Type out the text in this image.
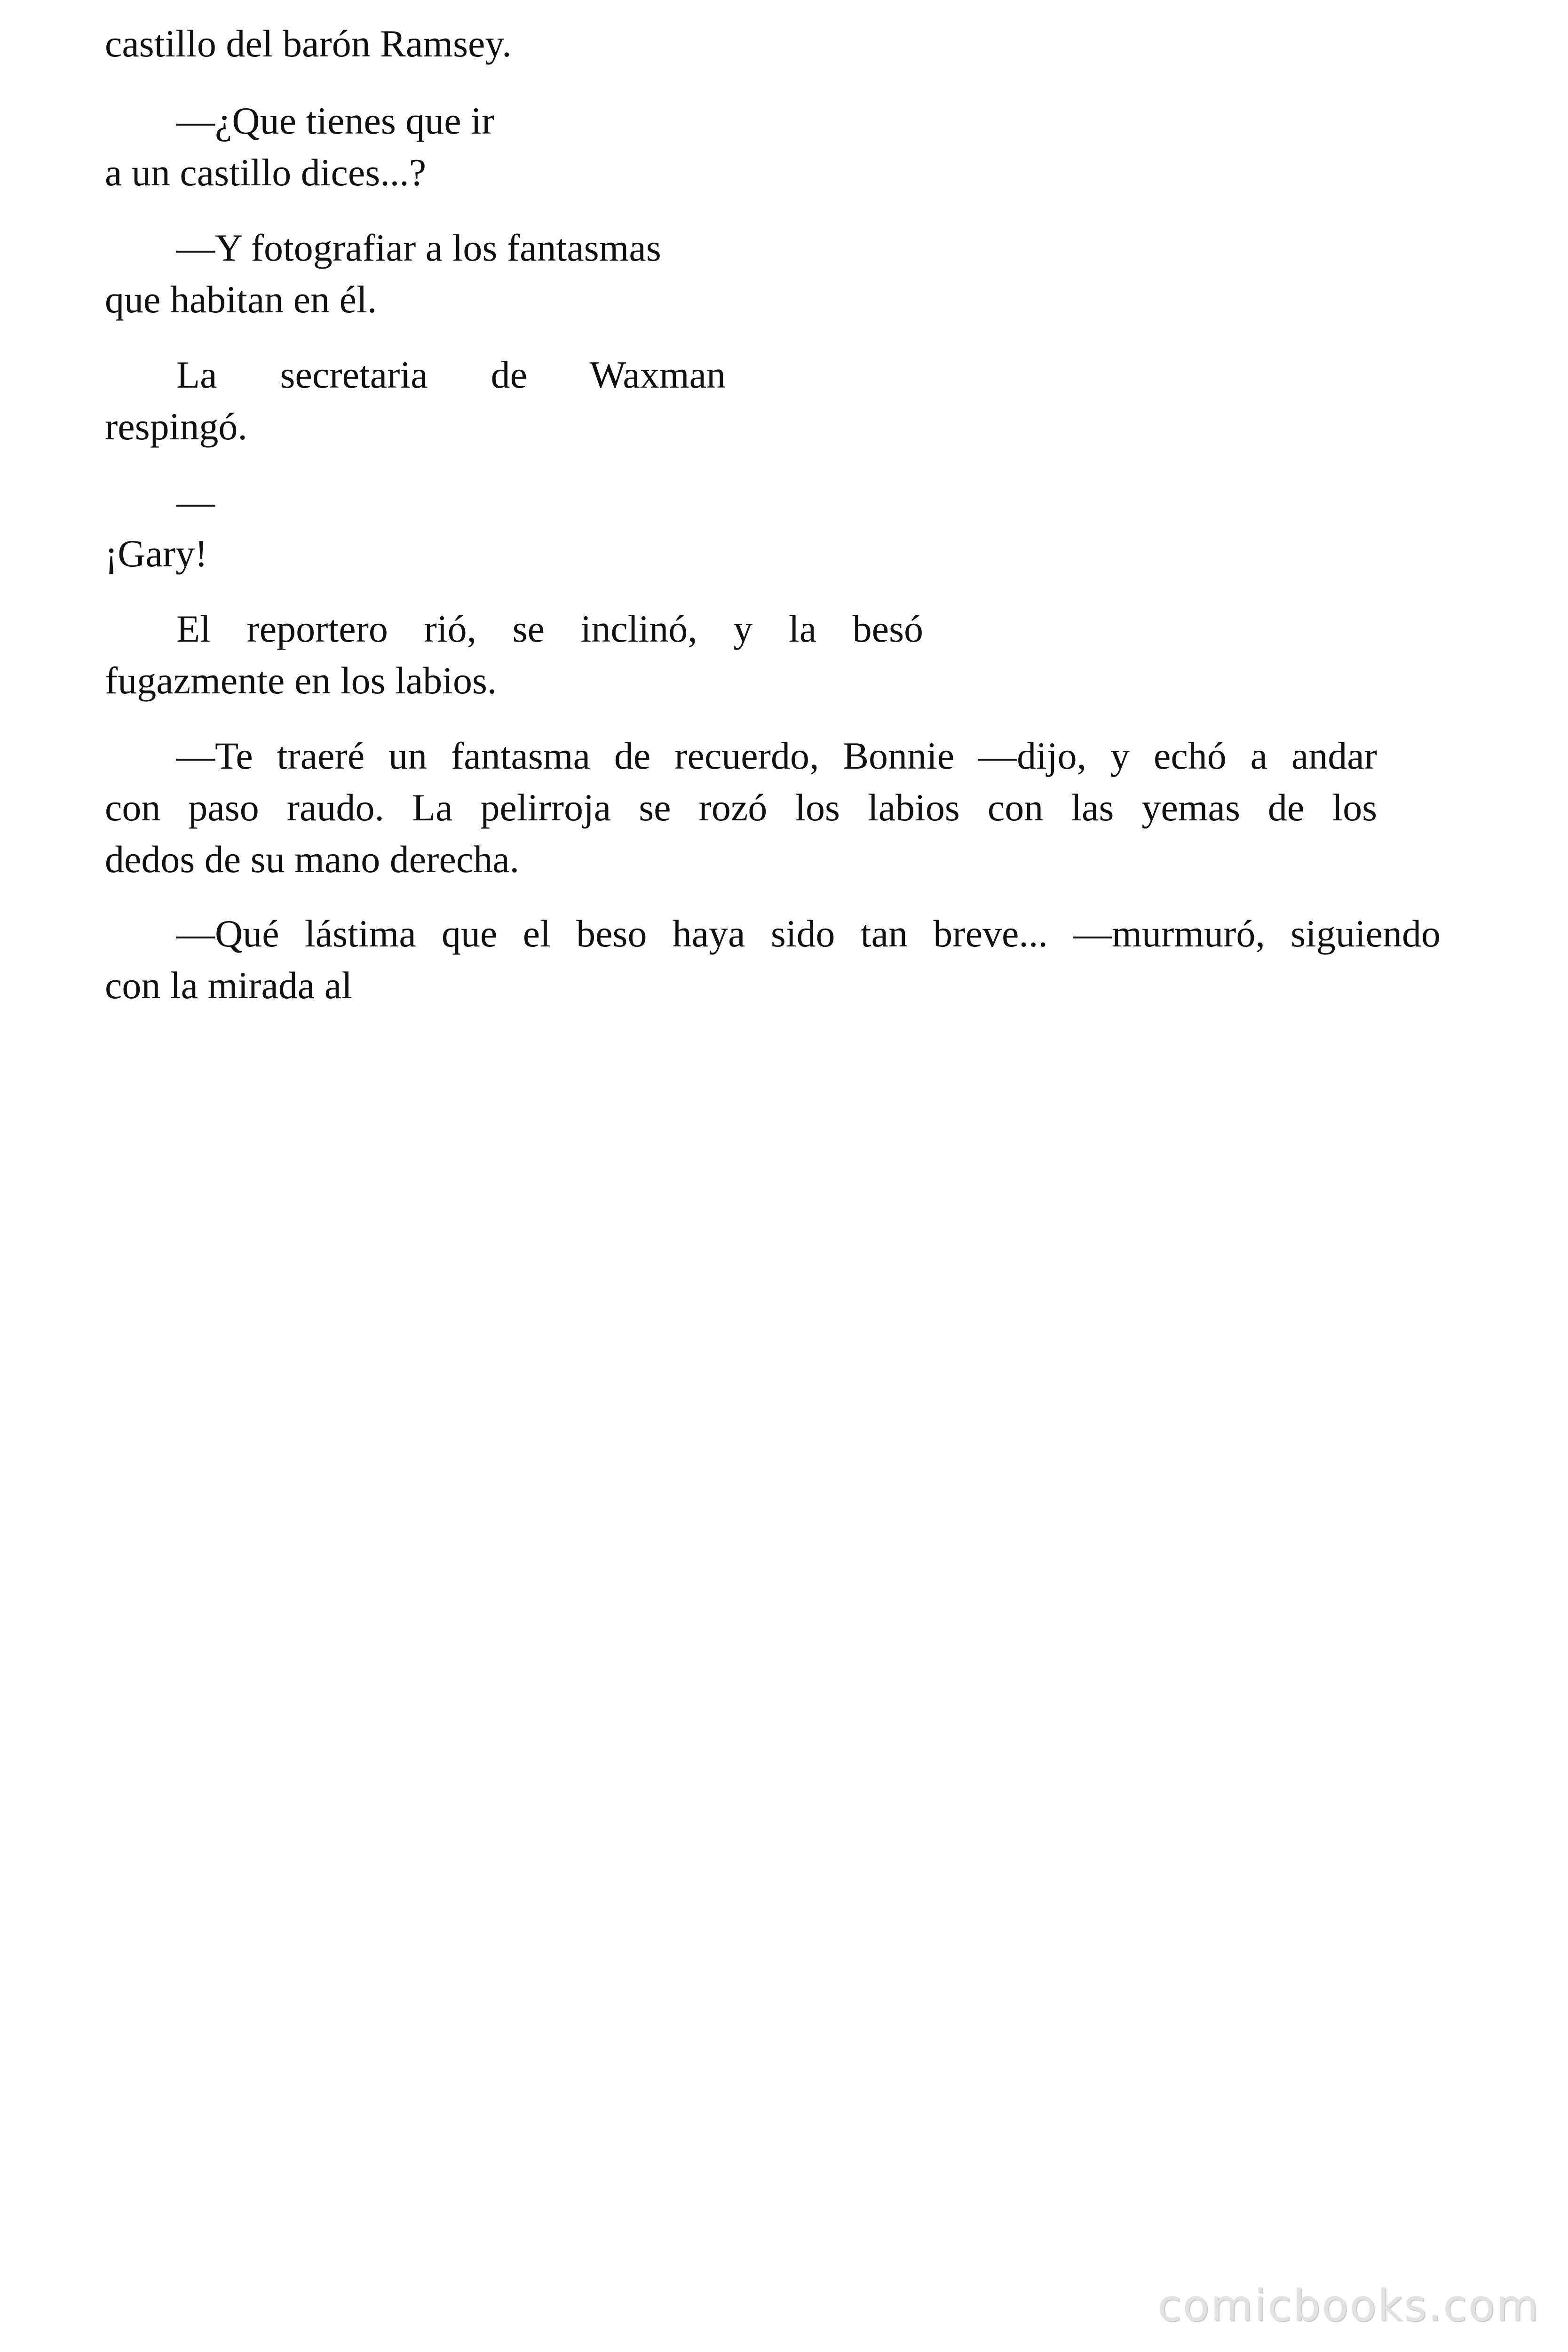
castillo del barón Ramsey.

—¿Que tienes que ir
a un castillo dices...?

—Y fotografiar a los fantasmas
que habitan en él.

La secretaria de Waxman
respingó.

—
¡Gary!

El reportero rió, se inclinó, y la besó
fugazmente en los labios.

—Te traeré un fantasma de recuerdo, Bonnie —dijo, y echó a andar
con paso raudo. La pelirroja se rozó los labios con las yemas de los
dedos de su mano derecha.

—Qué lástima que el beso haya sido tan breve... —murmuró, siguiendo
con la mirada al

comicbooks.com
